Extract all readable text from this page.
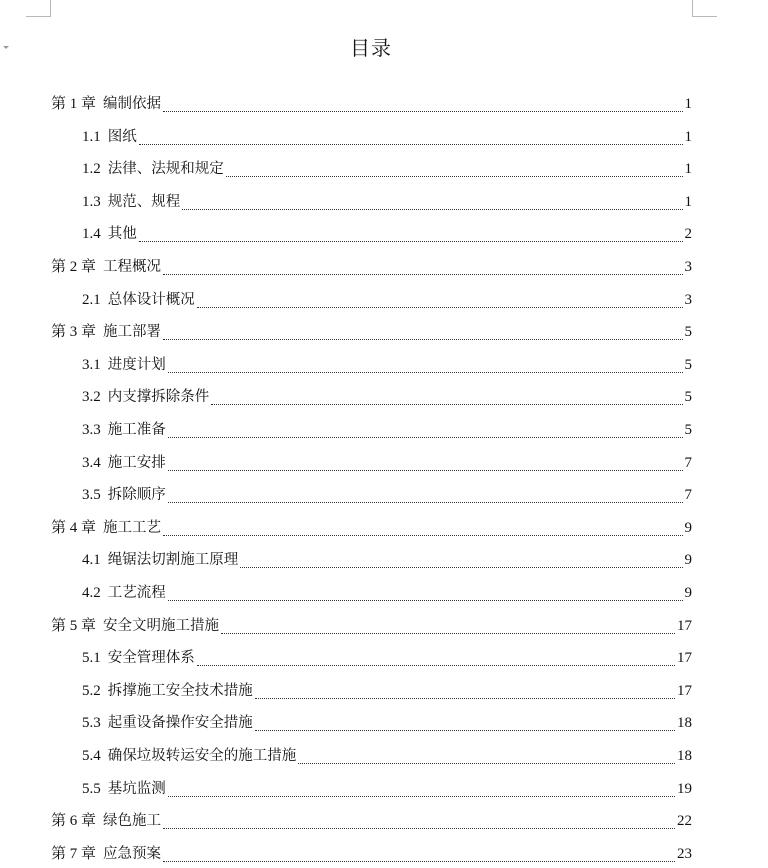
目录
第 1 章 编制依据	1
1.1 图纸	1
1.2 法律、法规和规定	1
1.3 规范、规程	1
1.4 其他	2
第 2 章 工程概况	3
2.1 总体设计概况	3
第 3 章 施工部署	5
3.1 进度计划	5
3.2 内支撑拆除条件	5
3.3 施工准备	5
3.4 施工安排	7
3.5 拆除顺序	7
第 4 章 施工工艺	9
4.1 绳锯法切割施工原理	9
4.2 工艺流程	9
第 5 章 安全文明施工措施	17
5.1 安全管理体系	17
5.2 拆撑施工安全技术措施	17
5.3 起重设备操作安全措施	18
5.4 确保垃圾转运安全的施工措施	18
5.5 基坑监测	19
第 6 章 绿色施工	22
第 7 章 应急预案	23
